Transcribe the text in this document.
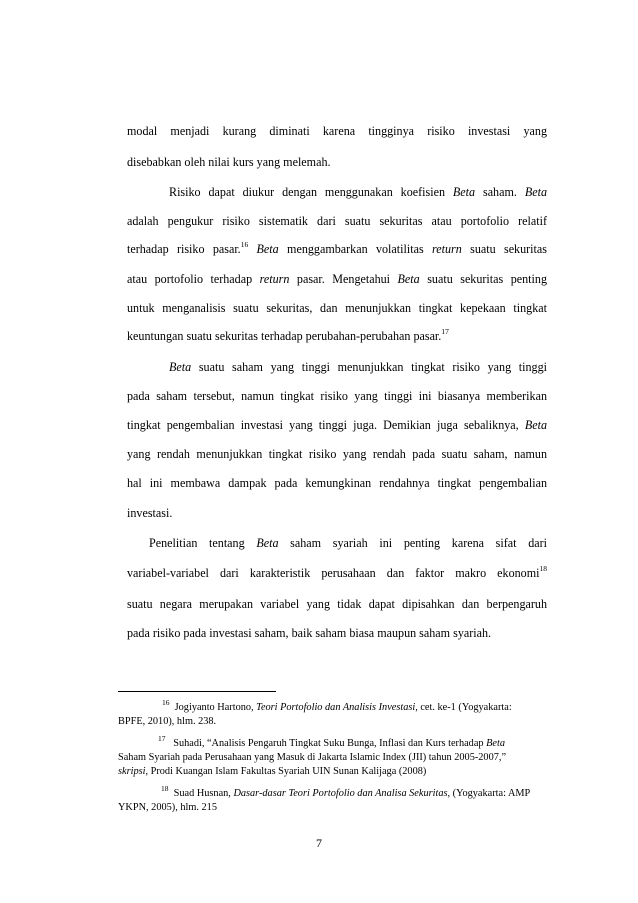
modal menjadi kurang diminati karena tingginya risiko investasi yang
disebabkan oleh nilai kurs yang melemah.
Risiko dapat diukur dengan menggunakan koefisien Beta saham. Beta
adalah pengukur risiko sistematik dari suatu sekuritas atau portofolio relatif
terhadap risiko pasar.$^{16}$ Beta menggambarkan volatilitas return suatu sekuritas
atau portofolio terhadap return pasar. Mengetahui Beta suatu sekuritas penting
untuk menganalisis suatu sekuritas, dan menunjukkan tingkat kepekaan tingkat
keuntungan suatu sekuritas terhadap perubahan-perubahan pasar.$^{17}$
Beta suatu saham yang tinggi menunjukkan tingkat risiko yang tinggi
pada saham tersebut, namun tingkat risiko yang tinggi ini biasanya memberikan
tingkat pengembalian investasi yang tinggi juga. Demikian juga sebaliknya, Beta
yang rendah menunjukkan tingkat risiko yang rendah pada suatu saham, namun
hal ini membawa dampak pada kemungkinan rendahnya tingkat pengembalian
investasi.
Penelitian tentang Beta saham syariah ini penting karena sifat dari
variabel-variabel dari karakteristik perusahaan dan faktor makro ekonomi$^{18}$
suatu negara merupakan variabel yang tidak dapat dipisahkan dan berpengaruh
pada risiko pada investasi saham, baik saham biasa maupun saham syariah.
$^{16}$ Jogiyanto Hartono, Teori Portofolio dan Analisis Investasi, cet. ke-1 (Yogyakarta:
BPFE, 2010), hlm. 238.
$^{17}$ Suhadi, “Analisis Pengaruh Tingkat Suku Bunga, Inflasi dan Kurs terhadap Beta
Saham Syariah pada Perusahaan yang Masuk di Jakarta Islamic Index (JII) tahun 2005-2007,”
skripsi, Prodi Kuangan Islam Fakultas Syariah UIN Sunan Kalijaga (2008)
$^{18}$ Suad Husnan, Dasar-dasar Teori Portofolio dan Analisa Sekuritas, (Yogyakarta: AMP
YKPN, 2005), hlm. 215
7
